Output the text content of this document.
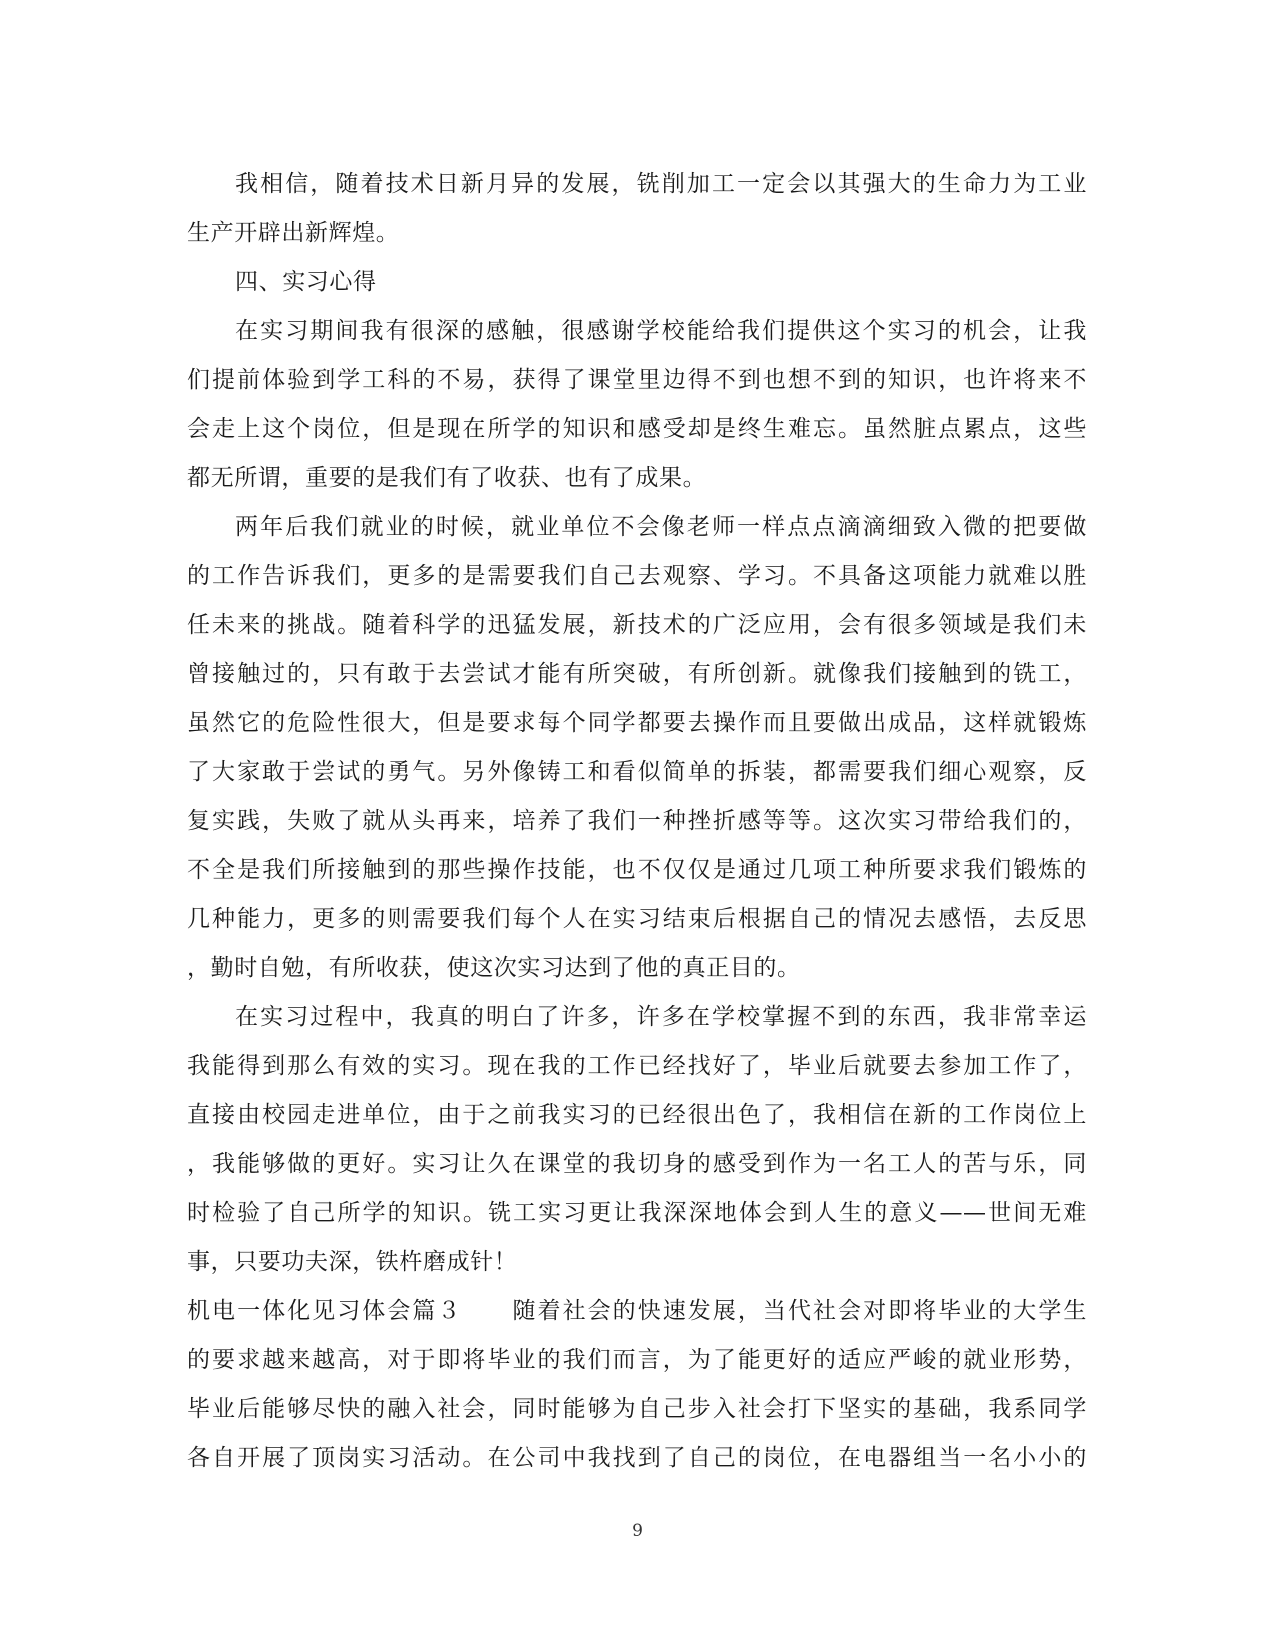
我相信，随着技术日新月异的发展，铣削加工一定会以其强大的生命力为工业
生产开辟出新辉煌。
四、实习心得
在实习期间我有很深的感触，很感谢学校能给我们提供这个实习的机会，让我
们提前体验到学工科的不易，获得了课堂里边得不到也想不到的知识，也许将来不
会走上这个岗位，但是现在所学的知识和感受却是终生难忘。虽然脏点累点，这些
都无所谓，重要的是我们有了收获、也有了成果。
两年后我们就业的时候，就业单位不会像老师一样点点滴滴细致入微的把要做
的工作告诉我们，更多的是需要我们自己去观察、学习。不具备这项能力就难以胜
任未来的挑战。随着科学的迅猛发展，新技术的广泛应用，会有很多领域是我们未
曾接触过的，只有敢于去尝试才能有所突破，有所创新。就像我们接触到的铣工，
虽然它的危险性很大，但是要求每个同学都要去操作而且要做出成品，这样就锻炼
了大家敢于尝试的勇气。另外像铸工和看似简单的拆装，都需要我们细心观察，反
复实践，失败了就从头再来，培养了我们一种挫折感等等。这次实习带给我们的，
不全是我们所接触到的那些操作技能，也不仅仅是通过几项工种所要求我们锻炼的
几种能力，更多的则需要我们每个人在实习结束后根据自己的情况去感悟，去反思
，勤时自勉，有所收获，使这次实习达到了他的真正目的。
在实习过程中，我真的明白了许多，许多在学校掌握不到的东西，我非常幸运
我能得到那么有效的实习。现在我的工作已经找好了，毕业后就要去参加工作了，
直接由校园走进单位，由于之前我实习的已经很出色了，我相信在新的工作岗位上
，我能够做的更好。实习让久在课堂的我切身的感受到作为一名工人的苦与乐，同
时检验了自己所学的知识。铣工实习更让我深深地体会到人生的意义——世间无难
事，只要功夫深，铁杵磨成针！
机电一体化见习体会篇３　　随着社会的快速发展，当代社会对即将毕业的大学生
的要求越来越高，对于即将毕业的我们而言，为了能更好的适应严峻的就业形势，
毕业后能够尽快的融入社会，同时能够为自己步入社会打下坚实的基础，我系同学
各自开展了顶岗实习活动。在公司中我找到了自己的岗位，在电器组当一名小小的
9
